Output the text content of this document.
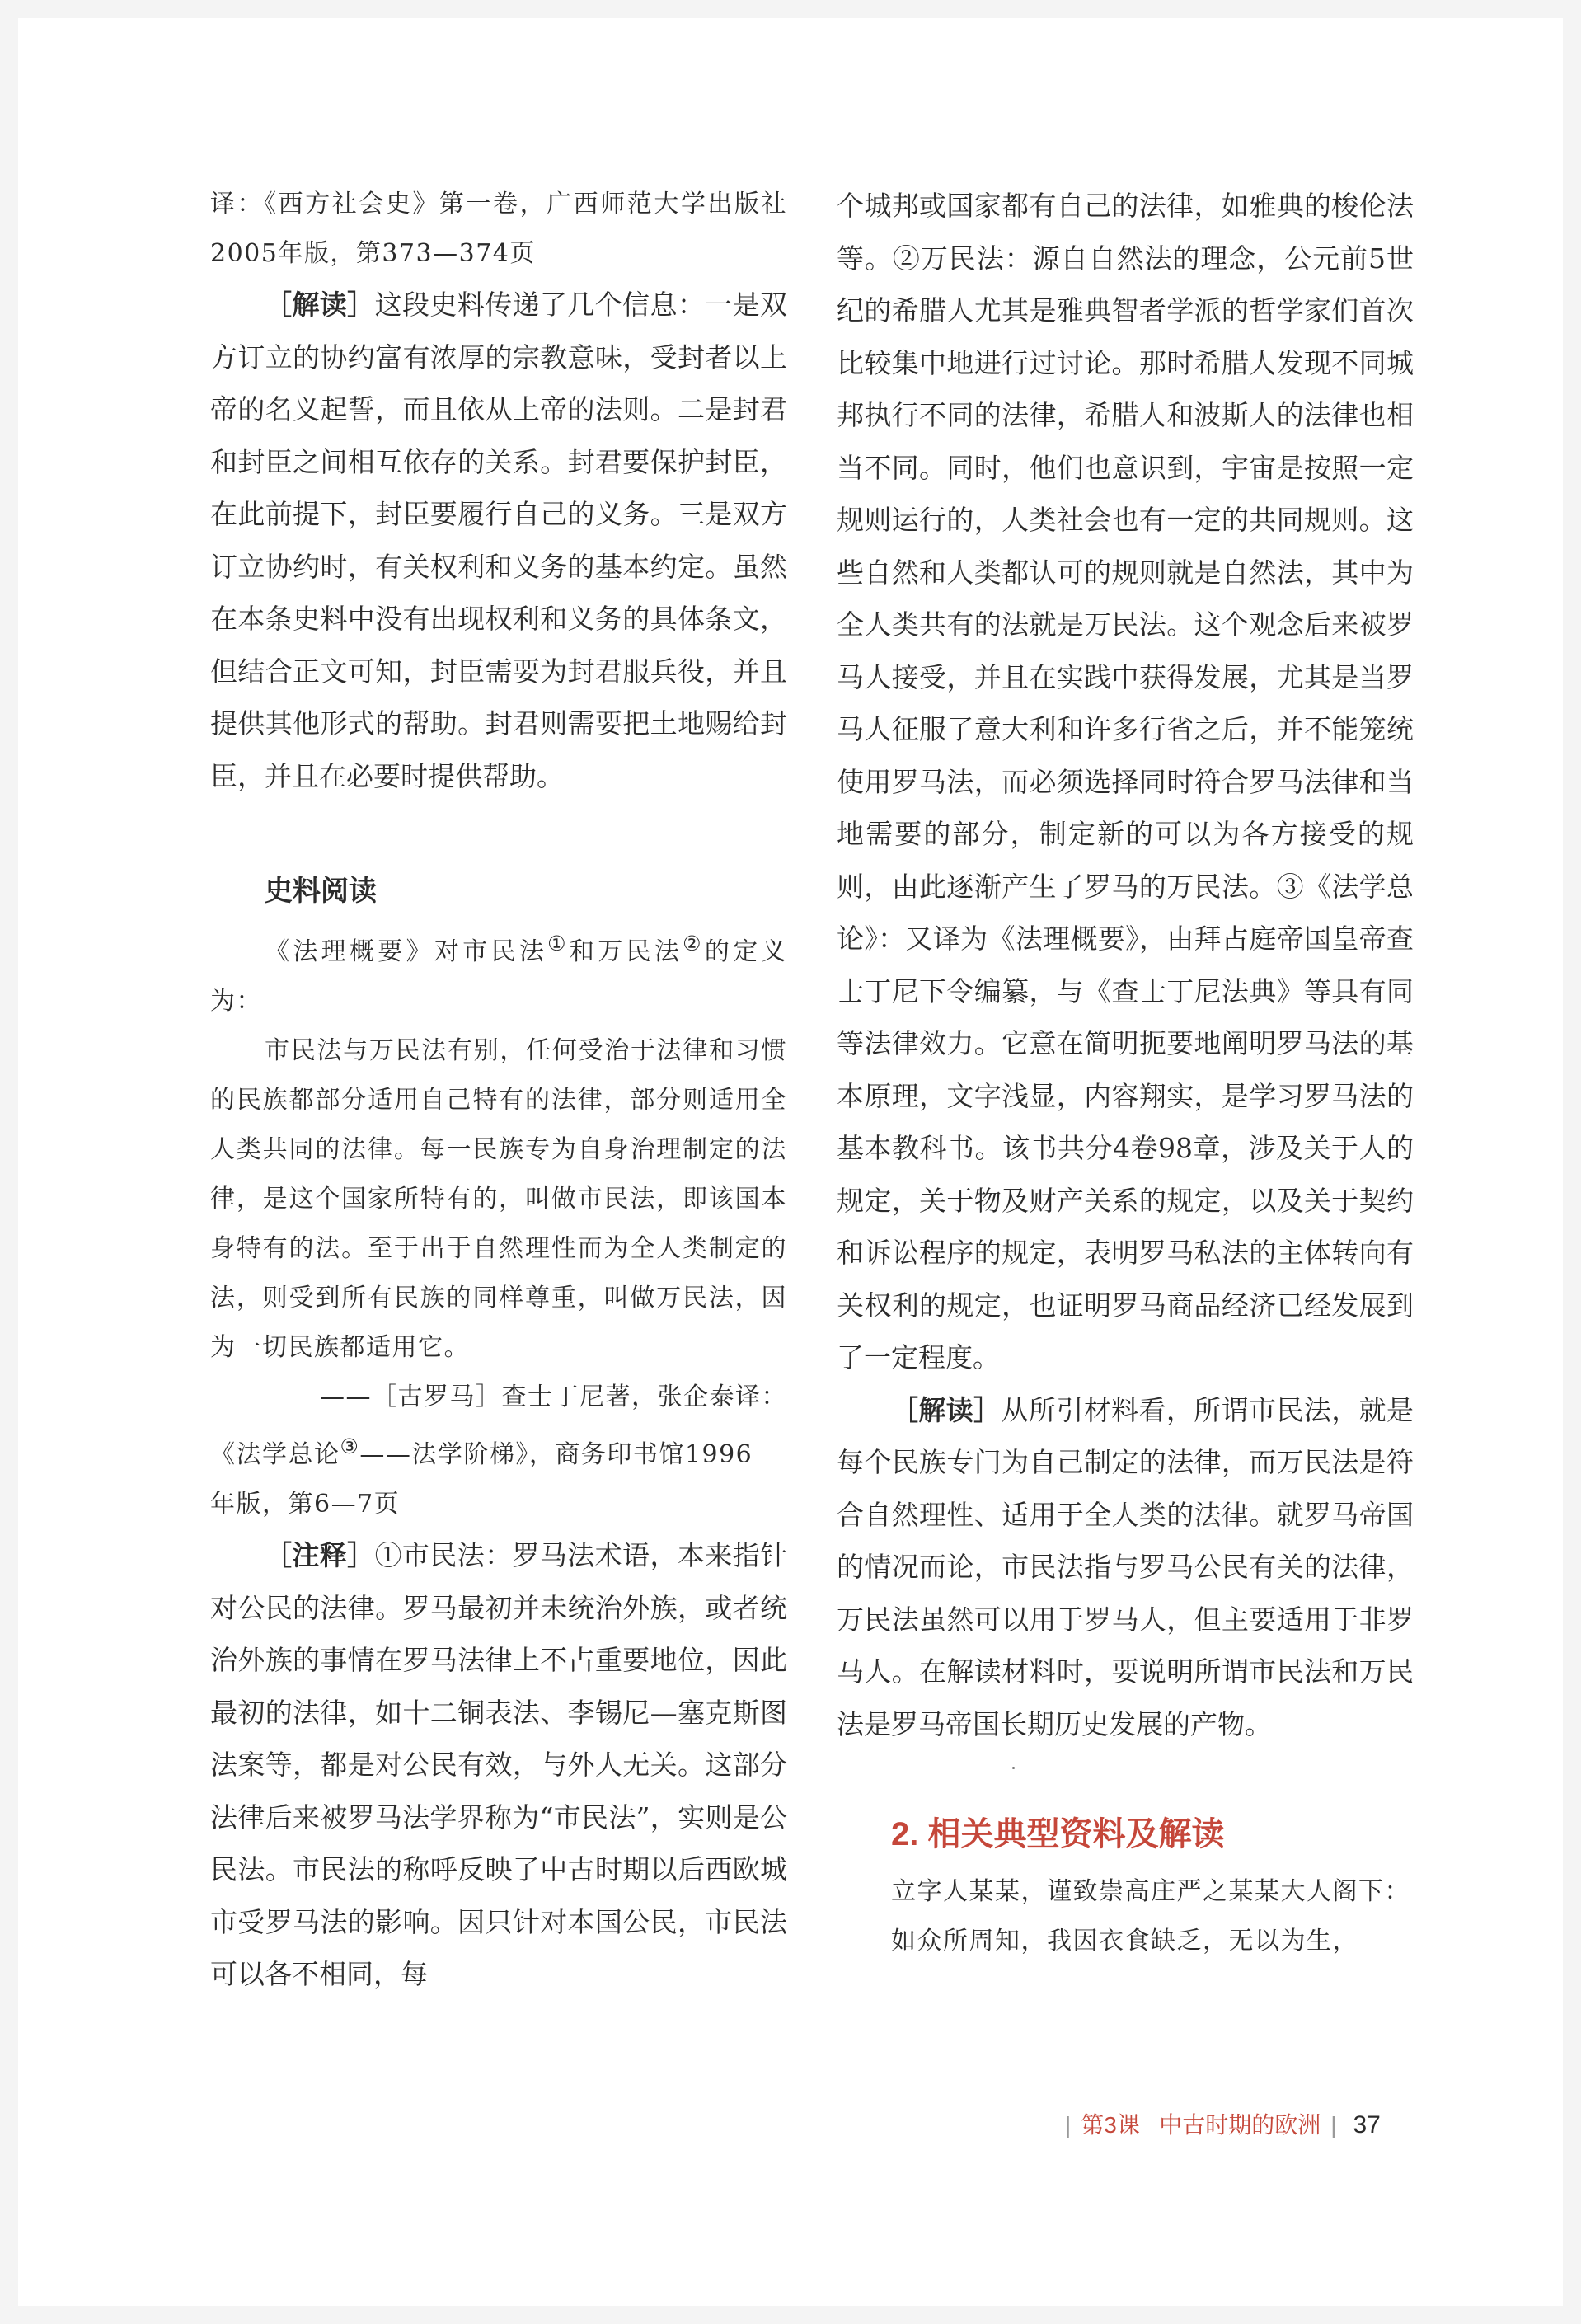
译：《西方社会史》第一卷，广西师范大学出版社2005年版，第373—374页

［解读］这段史料传递了几个信息：一是双方订立的协约富有浓厚的宗教意味，受封者以上帝的名义起誓，而且依从上帝的法则。二是封君和封臣之间相互依存的关系。封君要保护封臣，在此前提下，封臣要履行自己的义务。三是双方订立协约时，有关权利和义务的基本约定。虽然在本条史料中没有出现权利和义务的具体条文，但结合正文可知，封臣需要为封君服兵役，并且提供其他形式的帮助。封君则需要把土地赐给封臣，并且在必要时提供帮助。

史料阅读

《法理概要》对市民法①和万民法②的定义为：

市民法与万民法有别，任何受治于法律和习惯的民族都部分适用自己特有的法律，部分则适用全人类共同的法律。每一民族专为自身治理制定的法律，是这个国家所特有的，叫做市民法，即该国本身特有的法。至于出于自然理性而为全人类制定的法，则受到所有民族的同样尊重，叫做万民法，因为一切民族都适用它。

——［古罗马］查士丁尼著，张企泰译：

《法学总论③——法学阶梯》，商务印书馆1996

年版，第6—7页

［注释］①市民法：罗马法术语，本来指针对公民的法律。罗马最初并未统治外族，或者统治外族的事情在罗马法律上不占重要地位，因此最初的法律，如十二铜表法、李锡尼—塞克斯图法案等，都是对公民有效，与外人无关。这部分法律后来被罗马法学界称为“市民法”，实则是公民法。市民法的称呼反映了中古时期以后西欧城市受罗马法的影响。因只针对本国公民，市民法可以各不相同，每

个城邦或国家都有自己的法律，如雅典的梭伦法等。②万民法：源自自然法的理念，公元前5世纪的希腊人尤其是雅典智者学派的哲学家们首次比较集中地进行过讨论。那时希腊人发现不同城邦执行不同的法律，希腊人和波斯人的法律也相当不同。同时，他们也意识到，宇宙是按照一定规则运行的，人类社会也有一定的共同规则。这些自然和人类都认可的规则就是自然法，其中为全人类共有的法就是万民法。这个观念后来被罗马人接受，并且在实践中获得发展，尤其是当罗马人征服了意大利和许多行省之后，并不能笼统使用罗马法，而必须选择同时符合罗马法律和当地需要的部分，制定新的可以为各方接受的规则，由此逐渐产生了罗马的万民法。③《法学总论》：又译为《法理概要》，由拜占庭帝国皇帝查士丁尼下令编纂，与《查士丁尼法典》等具有同等法律效力。它意在简明扼要地阐明罗马法的基本原理，文字浅显，内容翔实，是学习罗马法的基本教科书。该书共分4卷98章，涉及关于人的规定，关于物及财产关系的规定，以及关于契约和诉讼程序的规定，表明罗马私法的主体转向有关权利的规定，也证明罗马商品经济已经发展到了一定程度。

［解读］从所引材料看，所谓市民法，就是每个民族专门为自己制定的法律，而万民法是符合自然理性、适用于全人类的法律。就罗马帝国的情况而论，市民法指与罗马公民有关的法律，万民法虽然可以用于罗马人，但主要适用于非罗马人。在解读材料时，要说明所谓市民法和万民法是罗马帝国长期历史发展的产物。

2. 相关典型资料及解读

立字人某某，谨致崇高庄严之某某大人阁下：

如众所周知，我因衣食缺乏，无以为生，

| 第3课 中古时期的欧洲 | 37
